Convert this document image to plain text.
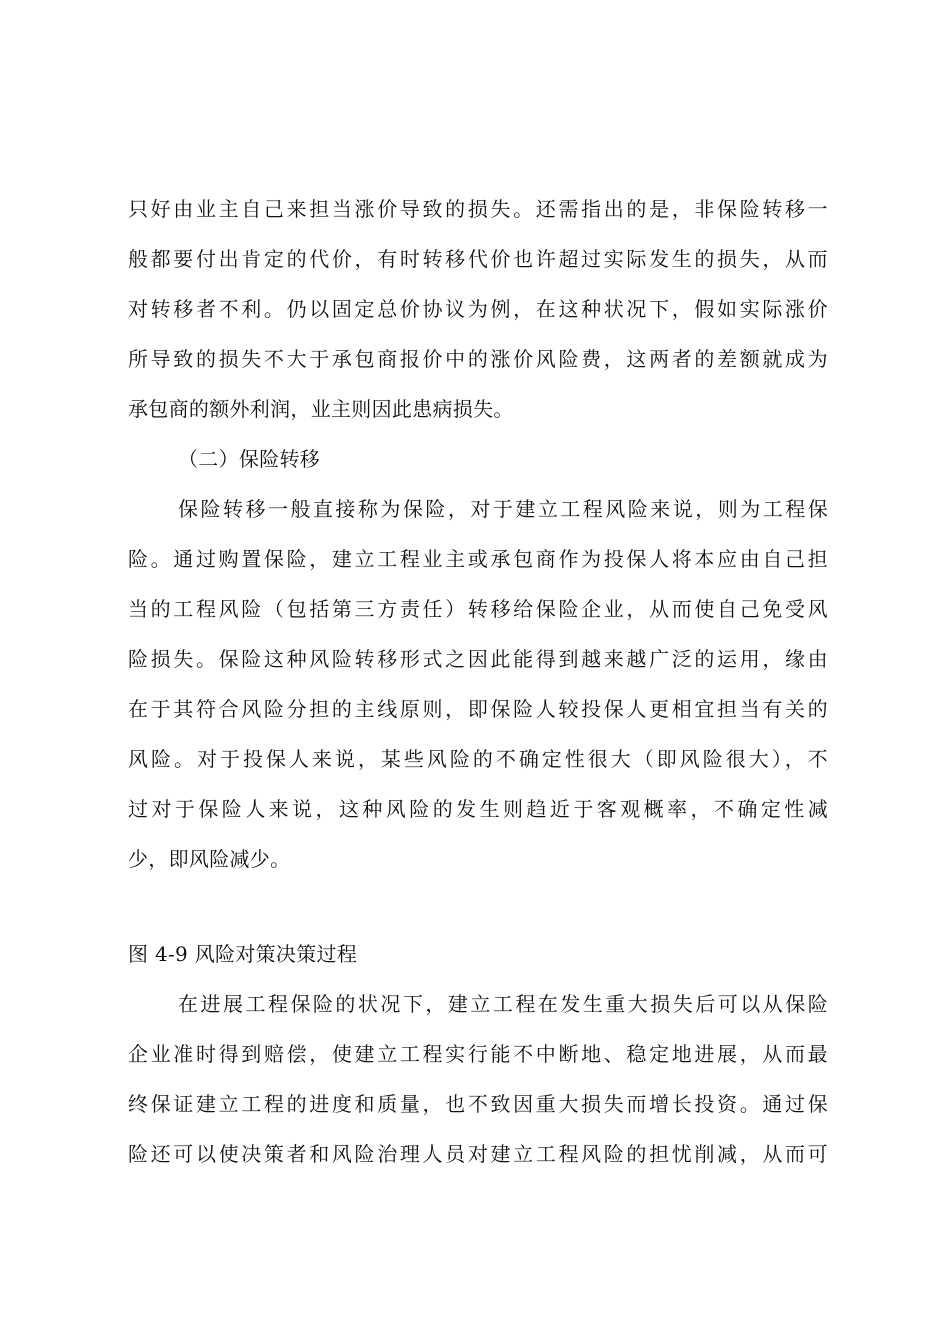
只好由业主自己来担当涨价导致的损失。还需指出的是，非保险转移一
般都要付出肯定的代价，有时转移代价也许超过实际发生的损失，从而
对转移者不利。仍以固定总价协议为例，在这种状况下，假如实际涨价
所导致的损失不大于承包商报价中的涨价风险费，这两者的差额就成为
承包商的额外利润，业主则因此患病损失。
（二）保险转移
保险转移一般直接称为保险，对于建立工程风险来说，则为工程保
险。通过购置保险，建立工程业主或承包商作为投保人将本应由自己担
当的工程风险（包括第三方责任）转移给保险企业，从而使自己免受风
险损失。保险这种风险转移形式之因此能得到越来越广泛的运用，缘由
在于其符合风险分担的主线原则，即保险人较投保人更相宜担当有关的
风险。对于投保人来说，某些风险的不确定性很大（即风险很大），不
过对于保险人来说，这种风险的发生则趋近于客观概率，不确定性减
少，即风险减少。
图 4-9 风险对策决策过程
在进展工程保险的状况下，建立工程在发生重大损失后可以从保险
企业准时得到赔偿，使建立工程实行能不中断地、稳定地进展，从而最
终保证建立工程的进度和质量，也不致因重大损失而增长投资。通过保
险还可以使决策者和风险治理人员对建立工程风险的担忧削减，从而可
